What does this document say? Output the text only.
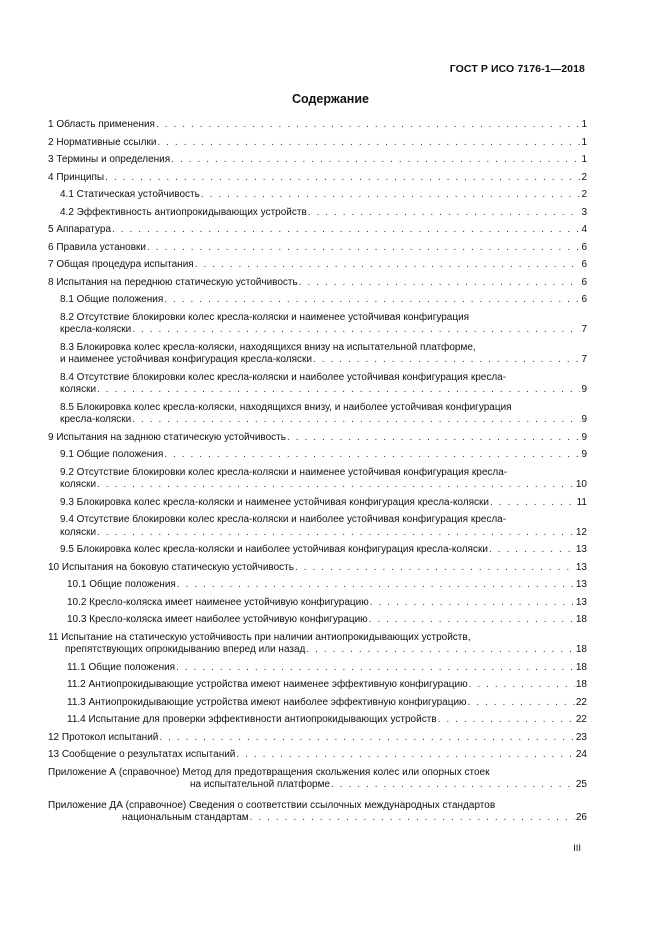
ГОСТ Р ИСО 7176-1—2018
Содержание
1 Область применения . . .	1
2 Нормативные ссылки . . .	1
3 Термины и определения . . .	1
4 Принципы . . .	2
4.1 Статическая устойчивость . . .	2
4.2 Эффективность антиопрокидывающих устройств . . .	3
5 Аппаратура . . .	4
6 Правила установки . . .	6
7 Общая процедура испытания . . .	6
8 Испытания на переднюю статическую устойчивость . . .	6
8.1 Общие положения . . .	6
8.2 Отсутствие блокировки колес кресла-коляски и наименее устойчивая конфигурация
кресла-коляски . . .	7
8.3 Блокировка колес кресла-коляски, находящихся внизу на испытательной платформе,
и наименее устойчивая конфигурация кресла-коляски . . .	7
8.4 Отсутствие блокировки колес кресла-коляски и наиболее устойчивая конфигурация кресла-
коляски . . .	9
8.5 Блокировка колес кресла-коляски, находящихся внизу, и наиболее устойчивая конфигурация
кресла-коляски . . .	9
9 Испытания на заднюю статическую устойчивость . . .	9
9.1 Общие положения . . .	9
9.2 Отсутствие блокировки колес кресла-коляски и наименее устойчивая конфигурация кресла-
коляски . . .	10
9.3 Блокировка колес кресла-коляски и наименее устойчивая конфигурация кресла-коляски . . .	11
9.4 Отсутствие блокировки колес кресла-коляски и наиболее устойчивая конфигурация кресла-
коляски . . .	12
9.5 Блокировка колес кресла-коляски и наиболее устойчивая конфигурация кресла-коляски . . .	13
10 Испытания на боковую статическую устойчивость . . .	13
10.1 Общие положения . . .	13
10.2 Кресло-коляска имеет наименее устойчивую конфигурацию . . .	13
10.3 Кресло-коляска имеет наиболее устойчивую конфигурацию . . .	18
11 Испытание на статическую устойчивость при наличии антиопрокидывающих устройств,
препятствующих опрокидыванию вперед или назад . . .	18
11.1 Общие положения . . .	18
11.2 Антиопрокидывающие устройства имеют наименее эффективную конфигурацию . . .	18
11.3 Антиопрокидывающие устройства имеют наиболее эффективную конфигурацию . . .	22
11.4 Испытание для проверки эффективности антиопрокидывающих устройств . . .	22
12 Протокол испытаний . . .	23
13 Сообщение о результатах испытаний . . .	24
Приложение А (справочное) Метод для предотвращения скольжения колес или опорных стоек
на испытательной платформе . . .	25
Приложение ДА (справочное) Сведения о соответствии ссылочных международных стандартов
национальным стандартам . . .	26
III
